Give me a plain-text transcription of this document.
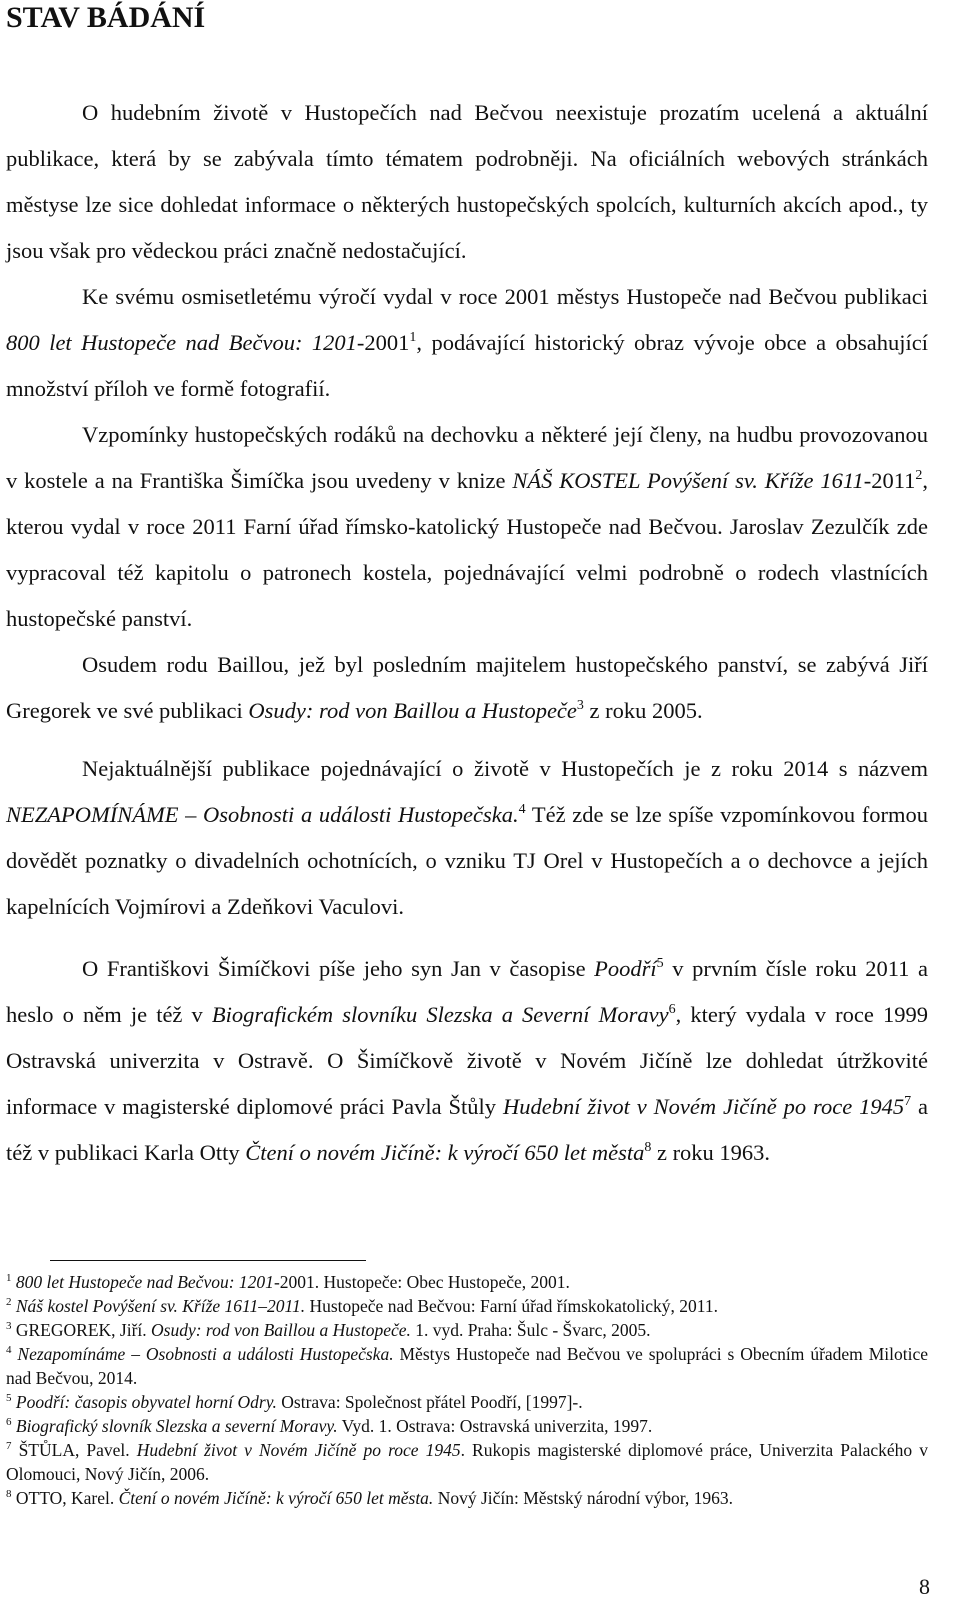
STAV BÁDÁNÍ

O hudebním životě v Hustopečích nad Bečvou neexistuje prozatím ucelená a aktuální publikace, která by se zabývala tímto tématem podrobněji. Na oficiálních webových stránkách městyse lze sice dohledat informace o některých hustopečských spolcích, kulturních akcích apod., ty jsou však pro vědeckou práci značně nedostačující.

Ke svému osmisetletému výročí vydal v roce 2001 městys Hustopeče nad Bečvou publikaci 800 let Hustopeče nad Bečvou: 1201-2001$^1$, podávající historický obraz vývoje obce a obsahující množství příloh ve formě fotografií.

Vzpomínky hustopečských rodáků na dechovku a některé její členy, na hudbu provozovanou v kostele a na Františka Šimíčka jsou uvedeny v knize NÁŠ KOSTEL Povýšení sv. Kříže 1611-2011$^2$, kterou vydal v roce 2011 Farní úřad římsko-katolický Hustopeče nad Bečvou. Jaroslav Zezulčík zde vypracoval též kapitolu o patronech kostela, pojednávající velmi podrobně o rodech vlastnících hustopečské panství.

Osudem rodu Baillou, jež byl posledním majitelem hustopečského panství, se zabývá Jiří Gregorek ve své publikaci Osudy: rod von Baillou a Hustopeče$^3$ z roku 2005.

Nejaktuálnější publikace pojednávající o životě v Hustopečích je z roku 2014 s názvem NEZAPOMÍNÁME – Osobnosti a události Hustopečska.$^4$ Též zde se lze spíše vzpomínkovou formou dovědět poznatky o divadelních ochotnících, o vzniku TJ Orel v Hustopečích a o dechovce a jejích kapelnících Vojmírovi a Zdeňkovi Vaculovi.

O Františkovi Šimíčkovi píše jeho syn Jan v časopise Poodří$^5$ v prvním čísle roku 2011 a heslo o něm je též v Biografickém slovníku Slezska a Severní Moravy$^6$, který vydala v roce 1999 Ostravská univerzita v Ostravě. O Šimíčkově životě v Novém Jičíně lze dohledat útržkovité informace v magisterské diplomové práci Pavla Štůly Hudební život v Novém Jičíně po roce 1945$^7$ a též v publikaci Karla Otty Čtení o novém Jičíně: k výročí 650 let města$^8$ z roku 1963.

$^1$ 800 let Hustopeče nad Bečvou: 1201-2001. Hustopeče: Obec Hustopeče, 2001.

$^2$ Náš kostel Povýšení sv. Kříže 1611–2011. Hustopeče nad Bečvou: Farní úřad římskokatolický, 2011.

$^3$ GREGOREK, Jiří. Osudy: rod von Baillou a Hustopeče. 1. vyd. Praha: Šulc - Švarc, 2005.

$^4$ Nezapomínáme – Osobnosti a události Hustopečska. Městys Hustopeče nad Bečvou ve spolupráci s Obecním úřadem Milotice nad Bečvou, 2014.

$^5$ Poodří: časopis obyvatel horní Odry. Ostrava: Společnost přátel Poodří, [1997]-.

$^6$ Biografický slovník Slezska a severní Moravy. Vyd. 1. Ostrava: Ostravská univerzita, 1997.

$^7$ ŠTŮLA, Pavel. Hudební život v Novém Jičíně po roce 1945. Rukopis magisterské diplomové práce, Univerzita Palackého v Olomouci, Nový Jičín, 2006.

$^8$ OTTO, Karel. Čtení o novém Jičíně: k výročí 650 let města. Nový Jičín: Městský národní výbor, 1963.

8
